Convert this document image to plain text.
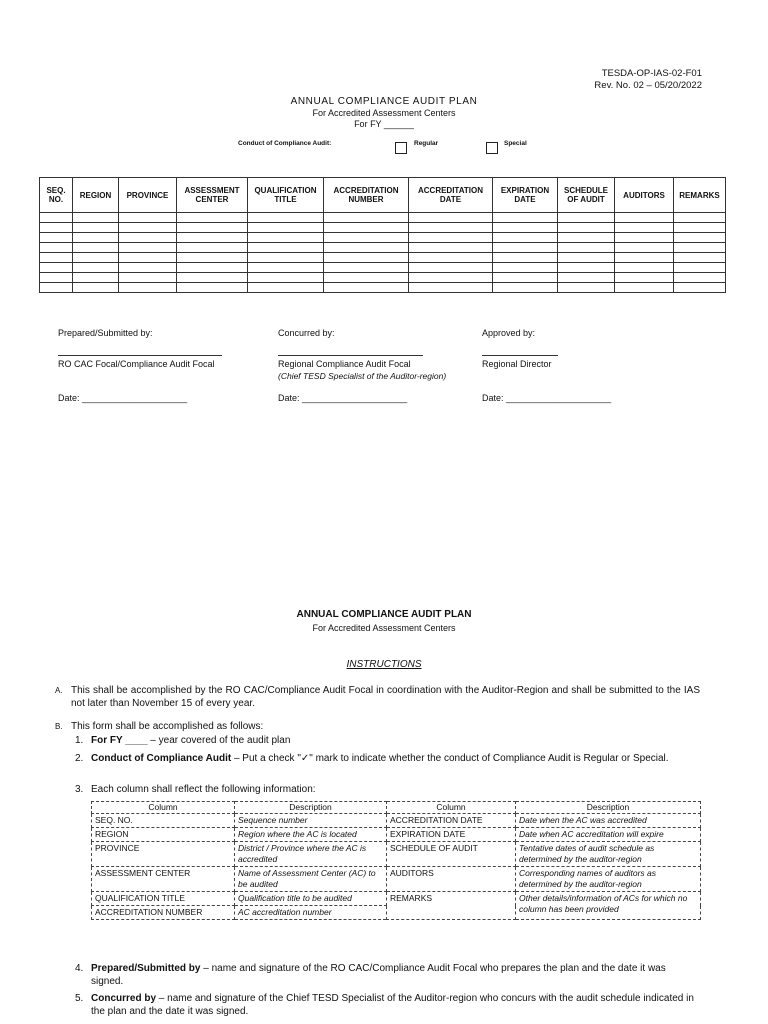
TESDA-OP-IAS-02-F01
Rev. No. 02 – 05/20/2022
ANNUAL COMPLIANCE AUDIT PLAN
For Accredited Assessment Centers
For FY ______
Conduct of Compliance Audit:	Regular	Special
SEQ. NO.	REGION	PROVINCE	ASSESSMENT CENTER	QUALIFICATION TITLE	ACCREDITATION NUMBER	ACCREDITATION DATE	EXPIRATION DATE	SCHEDULE OF AUDIT	AUDITORS	REMARKS

Prepared/Submitted by:
RO CAC Focal/Compliance Audit Focal
Date: _____________________
Concurred by:
Regional Compliance Audit Focal
(Chief TESD Specialist of the Auditor-region)
Date: _____________________
Approved by:
Regional Director
Date: _____________________
ANNUAL COMPLIANCE AUDIT PLAN
For Accredited Assessment Centers
INSTRUCTIONS
A. This shall be accomplished by the RO CAC/Compliance Audit Focal in coordination with the Auditor-Region and shall be submitted to the IAS not later than November 15 of every year.
B. This form shall be accomplished as follows:
1. For FY ____ – year covered of the audit plan
2. Conduct of Compliance Audit – Put a check "✓" mark to indicate whether the conduct of Compliance Audit is Regular or Special.
3. Each column shall reflect the following information:
Column	Description	Column	Description
SEQ. NO.	Sequence number	ACCREDITATION DATE	Date when the AC was accredited
REGION	Region where the AC is located	EXPIRATION DATE	Date when AC accreditation will expire
PROVINCE	District / Province where the AC is accredited	SCHEDULE OF AUDIT	Tentative dates of audit schedule as determined by the auditor-region
ASSESSMENT CENTER	Name of Assessment Center (AC) to be audited	AUDITORS	Corresponding names of auditors as determined by the auditor-region
QUALIFICATION TITLE	Qualification title to be audited	REMARKS	Other details/information of ACs for which no column has been provided
ACCREDITATION NUMBER	AC accreditation number		
4. Prepared/Submitted by – name and signature of the RO CAC/Compliance Audit Focal who prepares the plan and the date it was signed.
5. Concurred by – name and signature of the Chief TESD Specialist of the Auditor-region who concurs with the audit schedule indicated in the plan and the date it was signed.
